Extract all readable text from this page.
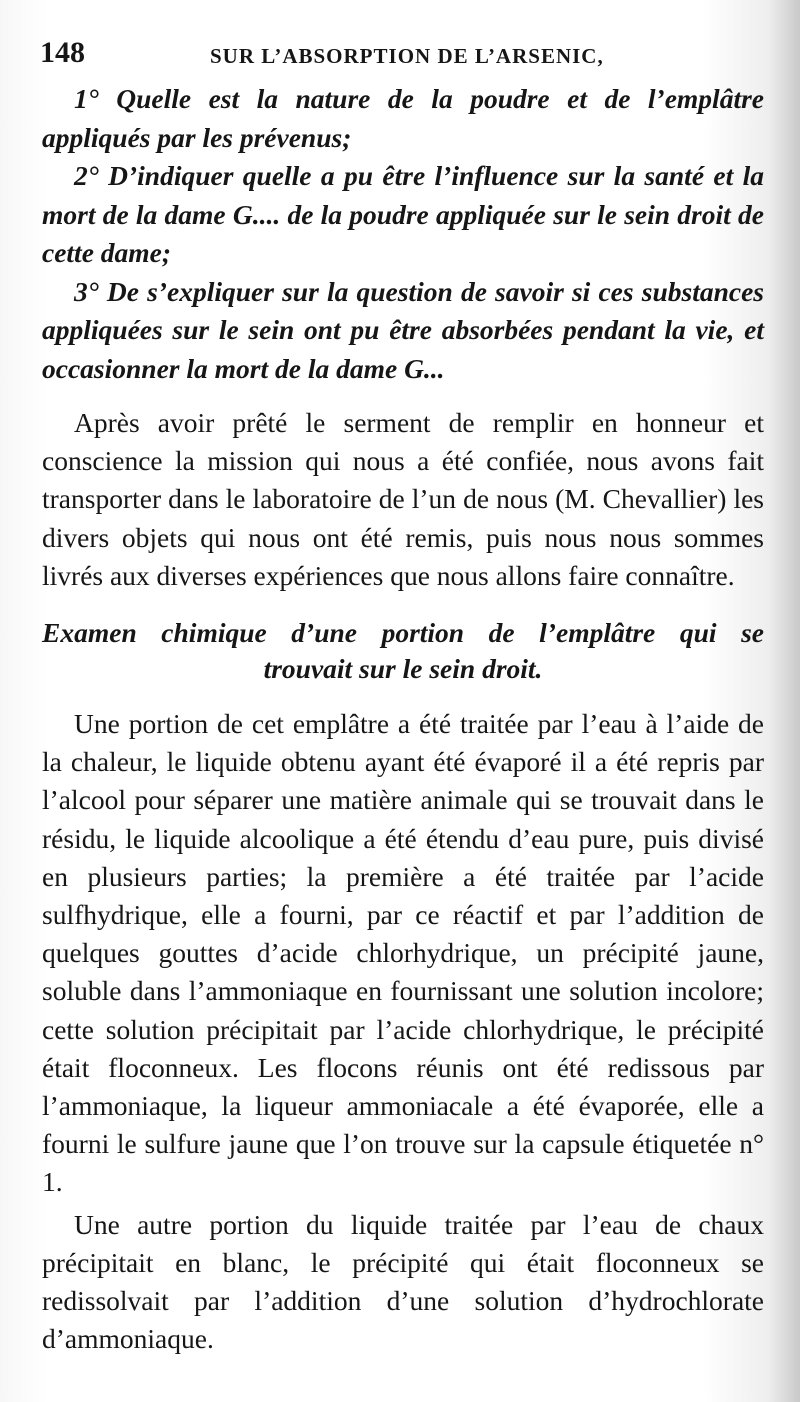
148	SUR L’ABSORPTION DE L’ARSENIC,

1° Quelle est la nature de la poudre et de l’emplâtre appliqués par les prévenus;

2° D’indiquer quelle a pu être l’influence sur la santé et la mort de la dame G.... de la poudre appliquée sur le sein droit de cette dame;

3° De s’expliquer sur la question de savoir si ces substances appliquées sur le sein ont pu être absorbées pendant la vie, et occasionner la mort de la dame G...

Après avoir prêté le serment de remplir en honneur et conscience la mission qui nous a été confiée, nous avons fait transporter dans le laboratoire de l’un de nous (M. Chevallier) les divers objets qui nous ont été remis, puis nous nous sommes livrés aux diverses expériences que nous allons faire connaître.

Examen chimique d’une portion de l’emplâtre qui se
trouvait sur le sein droit.

Une portion de cet emplâtre a été traitée par l’eau à l’aide de la chaleur, le liquide obtenu ayant été évaporé il a été repris par l’alcool pour séparer une matière animale qui se trouvait dans le résidu, le liquide alcoolique a été étendu d’eau pure, puis divisé en plusieurs parties; la première a été traitée par l’acide sulfhydrique, elle a fourni, par ce réactif et par l’addition de quelques gouttes d’acide chlorhydrique, un précipité jaune, soluble dans l’ammoniaque en fournissant une solution incolore; cette solution précipitait par l’acide chlorhydrique, le précipité était floconneux. Les flocons réunis ont été redissous par l’ammoniaque, la liqueur ammoniacale a été évaporée, elle a fourni le sulfure jaune que l’on trouve sur la capsule étiquetée n° 1.

Une autre portion du liquide traitée par l’eau de chaux précipitait en blanc, le précipité qui était floconneux se redissolvait par l’addition d’une solution d’hydrochlorate d’ammoniaque.
